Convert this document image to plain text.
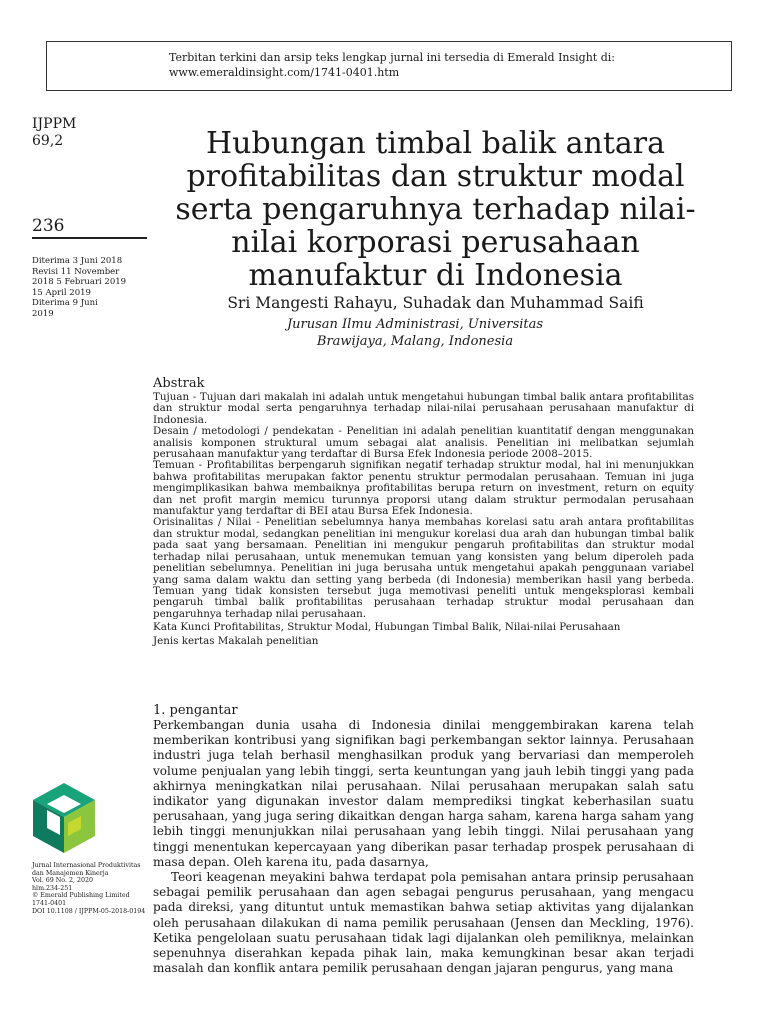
Terbitan terkini dan arsip teks lengkap jurnal ini tersedia di Emerald Insight di:
www.emeraldinsight.com/1741-0401.htm
IJPPM
69,2
236
Diterima 3 Juni 2018
Revisi 11 November
2018 5 Februari 2019
15 April 2019
Diterima 9 Juni
2019
Hubungan timbal balik antara profitabilitas dan struktur modal serta pengaruhnya terhadap nilai-nilai korporasi perusahaan manufaktur di Indonesia
Sri Mangesti Rahayu, Suhadak dan Muhammad Saifi
Jurusan Ilmu Administrasi, Universitas Brawijaya, Malang, Indonesia
Abstrak

Tujuan - Tujuan dari makalah ini adalah untuk mengetahui hubungan timbal balik antara profitabilitas dan struktur modal serta pengaruhnya terhadap nilai-nilai perusahaan perusahaan manufaktur di Indonesia.

Desain / metodologi / pendekatan - Penelitian ini adalah penelitian kuantitatif dengan menggunakan analisis komponen struktural umum sebagai alat analisis. Penelitian ini melibatkan sejumlah perusahaan manufaktur yang terdaftar di Bursa Efek Indonesia periode 2008–2015.

Temuan - Profitabilitas berpengaruh signifikan negatif terhadap struktur modal, hal ini menunjukkan bahwa profitabilitas merupakan faktor penentu struktur permodalan perusahaan. Temuan ini juga mengimplikasikan bahwa membaiknya profitabilitas berupa return on investment, return on equity dan net profit margin memicu turunnya proporsi utang dalam struktur permodalan perusahaan manufaktur yang terdaftar di BEI atau Bursa Efek Indonesia.

Orisinalitas / Nilai - Penelitian sebelumnya hanya membahas korelasi satu arah antara profitabilitas dan struktur modal, sedangkan penelitian ini mengukur korelasi dua arah dan hubungan timbal balik pada saat yang bersamaan. Penelitian ini mengukur pengaruh profitabilitas dan struktur modal terhadap nilai perusahaan, untuk menemukan temuan yang konsisten yang belum diperoleh pada penelitian sebelumnya. Penelitian ini juga berusaha untuk mengetahui apakah penggunaan variabel yang sama dalam waktu dan setting yang berbeda (di Indonesia) memberikan hasil yang berbeda. Temuan yang tidak konsisten tersebut juga memotivasi peneliti untuk mengeksplorasi kembali pengaruh timbal balik profitabilitas perusahaan terhadap struktur modal perusahaan dan pengaruhnya terhadap nilai perusahaan.

Kata Kunci Profitabilitas, Struktur Modal, Hubungan Timbal Balik, Nilai-nilai Perusahaan

Jenis kertas Makalah penelitian

1. pengantar

Perkembangan dunia usaha di Indonesia dinilai menggembirakan karena telah memberikan kontribusi yang signifikan bagi perkembangan sektor lainnya. Perusahaan industri juga telah berhasil menghasilkan produk yang bervariasi dan memperoleh volume penjualan yang lebih tinggi, serta keuntungan yang jauh lebih tinggi yang pada akhirnya meningkatkan nilai perusahaan. Nilai perusahaan merupakan salah satu indikator yang digunakan investor dalam memprediksi tingkat keberhasilan suatu perusahaan, yang juga sering dikaitkan dengan harga saham, karena harga saham yang lebih tinggi menunjukkan nilai perusahaan yang lebih tinggi. Nilai perusahaan yang tinggi menentukan kepercayaan yang diberikan pasar terhadap prospek perusahaan di masa depan. Oleh karena itu, pada dasarnya,

Teori keagenan meyakini bahwa terdapat pola pemisahan antara prinsip perusahaan sebagai pemilik perusahaan dan agen sebagai pengurus perusahaan, yang mengacu pada direksi, yang dituntut untuk memastikan bahwa setiap aktivitas yang dijalankan oleh perusahaan dilakukan di nama pemilik perusahaan (Jensen dan Meckling, 1976). Ketika pengelolaan suatu perusahaan tidak lagi dijalankan oleh pemiliknya, melainkan sepenuhnya diserahkan kepada pihak lain, maka kemungkinan besar akan terjadi masalah dan konflik antara pemilik perusahaan dengan jajaran pengurus, yang mana

Jurnal Internasional Produktivitas
dan Manajemen Kinerja
Vol. 69 No. 2, 2020
hlm.234-251
© Emerald Publishing Limited
1741-0401
DOI 10.1108 / IJPPM-05-2018-0194
